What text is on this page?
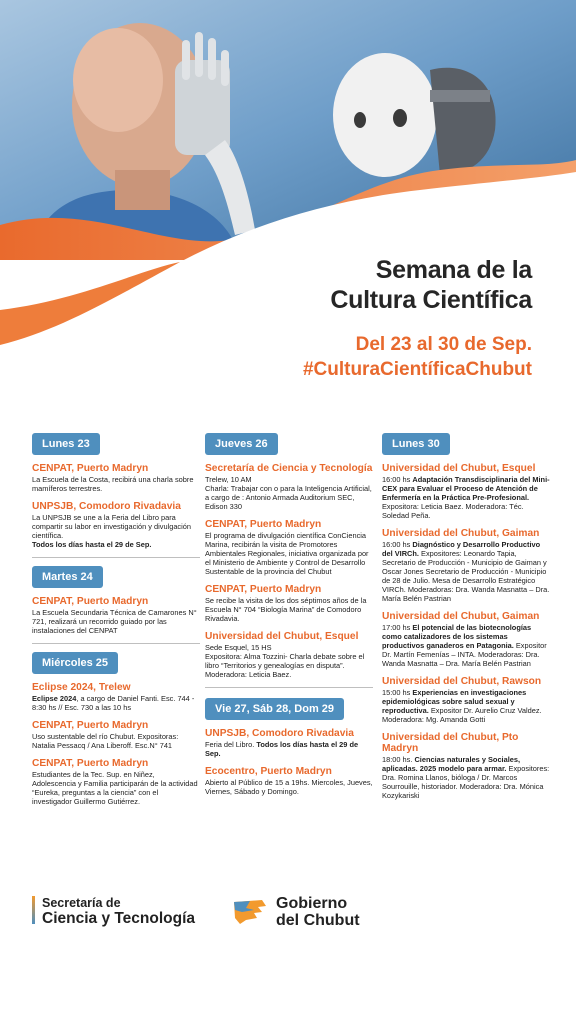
Semana de la
Cultura Científica
Del 23 al 30 de Sep.
#CulturaCientíficaChubut
Lunes 23
CENPAT, Puerto Madryn
La Escuela de la Costa, recibirá una charla sobre mamíferos terrestres.
UNPSJB, Comodoro Rivadavia
La UNPSJB se une a la Feria del Libro para compartir su labor en investigación y divulgación científica.
Todos los días hasta el 29 de Sep.
Martes 24
CENPAT, Puerto Madryn
La Escuela Secundaria Técnica de Camarones N° 721, realizará un recorrido guiado por las instalaciones del CENPAT
Miércoles 25
Eclipse 2024, Trelew
Eclipse 2024, a cargo de Daniel Fanti. Esc. 744 - 8:30 hs // Esc. 730 a las 10 hs
CENPAT, Puerto Madryn
Uso sustentable del río Chubut. Expositoras: Natalia Pessacq / Ana Liberoff. Esc.N° 741
CENPAT, Puerto Madryn
Estudiantes de la Tec. Sup. en Niñez, Adolescencia y Familia participarán de la actividad “Eureka, preguntas a la ciencia” con el investigador Guillermo Gutiérrez.
Jueves 26
Secretaría de Ciencia y Tecnología
Trelew, 10 AM
Charla: Trabajar con o para la Inteligencia Artificial, a cargo de : Antonio Armada Auditorium SEC, Edison 330
CENPAT, Puerto Madryn
El programa de divulgación científica ConCiencia Marina, recibirán la visita de Promotores Ambientales Regionales, iniciativa organizada por el Ministerio de Ambiente y Control de Desarrollo Sustentable de la provincia del Chubut
CENPAT, Puerto Madryn
Se recibe la visita de los dos séptimos años de la Escuela N° 704 “Biología Marina” de Comodoro Rivadavia.
Universidad del Chubut, Esquel
Sede Esquel, 15 HS
Expositora: Alma Tozzini- Charla debate sobre el libro “Territorios y genealogías en disputa”. Moderadora: Leticia Baez.
Vie 27, Sáb 28, Dom 29
UNPSJB, Comodoro Rivadavia
Feria del Libro. Todos los días hasta el 29 de Sep.
Ecocentro, Puerto Madryn
Abierto al Público de 15 a 19hs. Miercoles, Jueves, Viernes, Sábado y Domingo.
Lunes 30
Universidad del Chubut, Esquel
16:00 hs Adaptación Transdisciplinaria del Mini-CEX para Evaluar el Proceso de Atención de Enfermería en la Práctica Pre-Profesional. Expositora: Leticia Baez. Moderadora: Téc. Soledad Peña.
Universidad del Chubut, Gaiman
16:00 hs Diagnóstico y Desarrollo Productivo del VIRCh. Expositores: Leonardo Tapia, Secretario de Producción - Municipio de Gaiman y Oscar Jones Secretario de Producción - Municipio de 28 de Julio. Mesa de Desarrollo Estratégico VIRCh. Moderadoras: Dra. Wanda Masnatta – Dra. María Belén Pastrian
Universidad del Chubut, Gaiman
17:00 hs El potencial de las biotecnologías como catalizadores de los sistemas productivos ganaderos en Patagonia. Expositor Dr. Martín Femenías – INTA. Moderadoras: Dra. Wanda Masnatta – Dra. María Belén Pastrian
Universidad del Chubut, Rawson
15:00 hs Experiencias en investigaciones epidemiológicas sobre salud sexual y reproductiva. Expositor Dr. Aurelio Cruz Valdez. Moderadora: Mg. Amanda Gotti
Universidad del Chubut, Pto Madryn
18:00 hs. Ciencias naturales y Sociales, aplicadas. 2025 modelo para armar. Expositores: Dra. Romina Llanos, bióloga / Dr. Marcos Sourrouille, historiador. Moderadora: Dra. Mónica Kozykariski
Secretaría de
Ciencia y Tecnología
Gobierno
del Chubut
